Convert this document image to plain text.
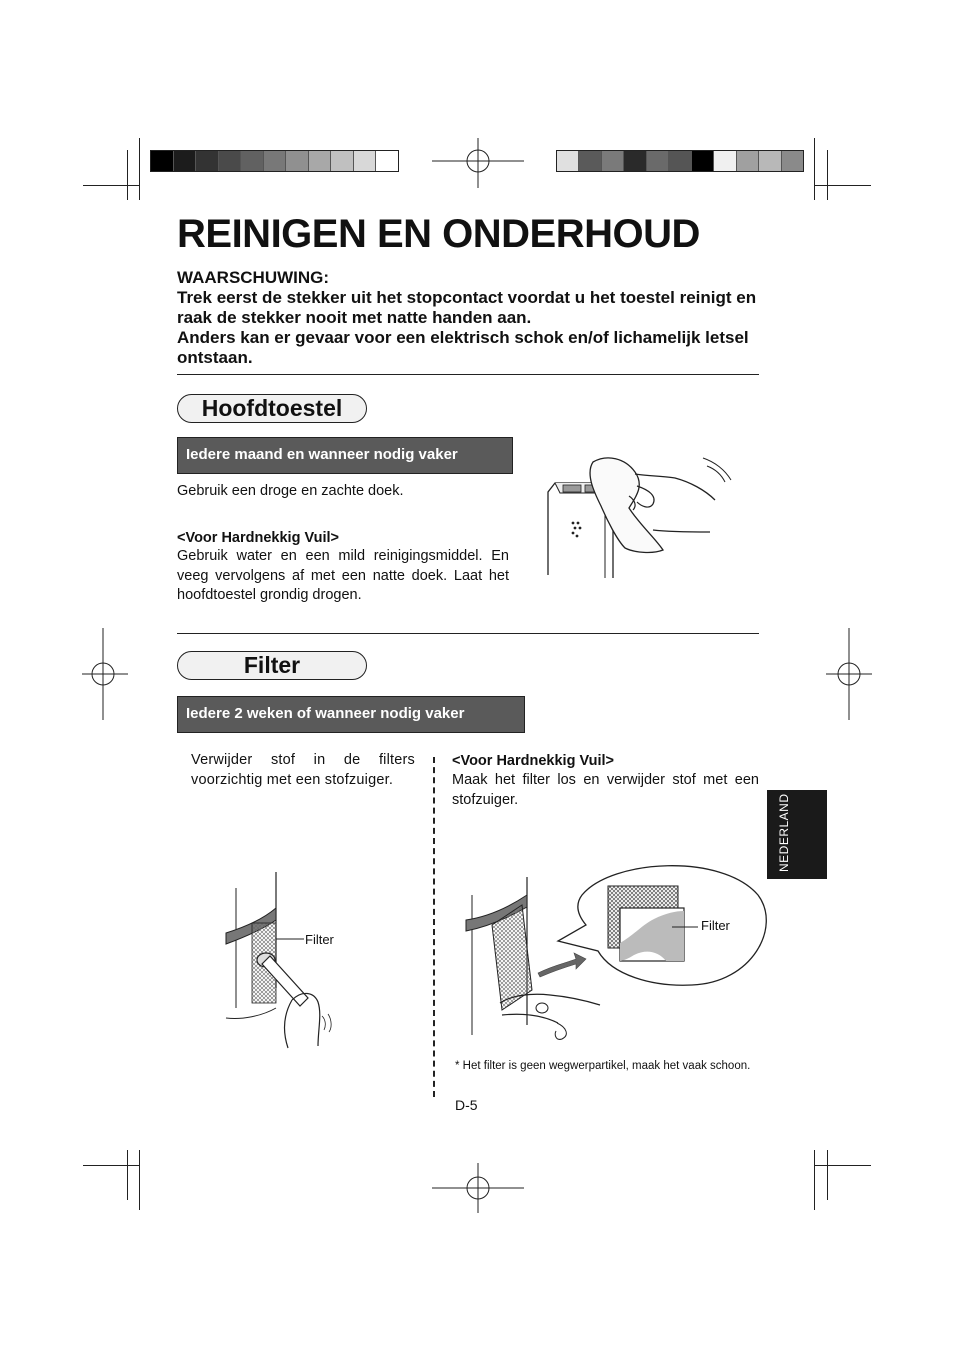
REINIGEN EN ONDERHOUD
WAARSCHUWING:
Trek eerst de stekker uit het stopcontact voordat u het toestel reinigt en raak de stekker nooit met natte handen aan.
Anders kan er gevaar voor een elektrisch schok en/of lichamelijk letsel ontstaan.
Hoofdtoestel
Iedere maand en wanneer nodig vaker
Gebruik een droge en zachte doek.
<Voor Hardnekkig Vuil>
Gebruik water en een mild reinigingsmiddel. En veeg vervolgens af met een natte doek. Laat het hoofdtoestel grondig drogen.
Filter
Iedere 2 weken of wanneer nodig vaker
Verwijder stof in de filters voorzichtig met een stofzuiger.
<Voor Hardnekkig Vuil>
Maak het filter los en verwijder stof met een stofzuiger.
Filter
Filter
* Het filter is geen wegwerpartikel, maak het vaak schoon.
D-5
NEDERLAND
